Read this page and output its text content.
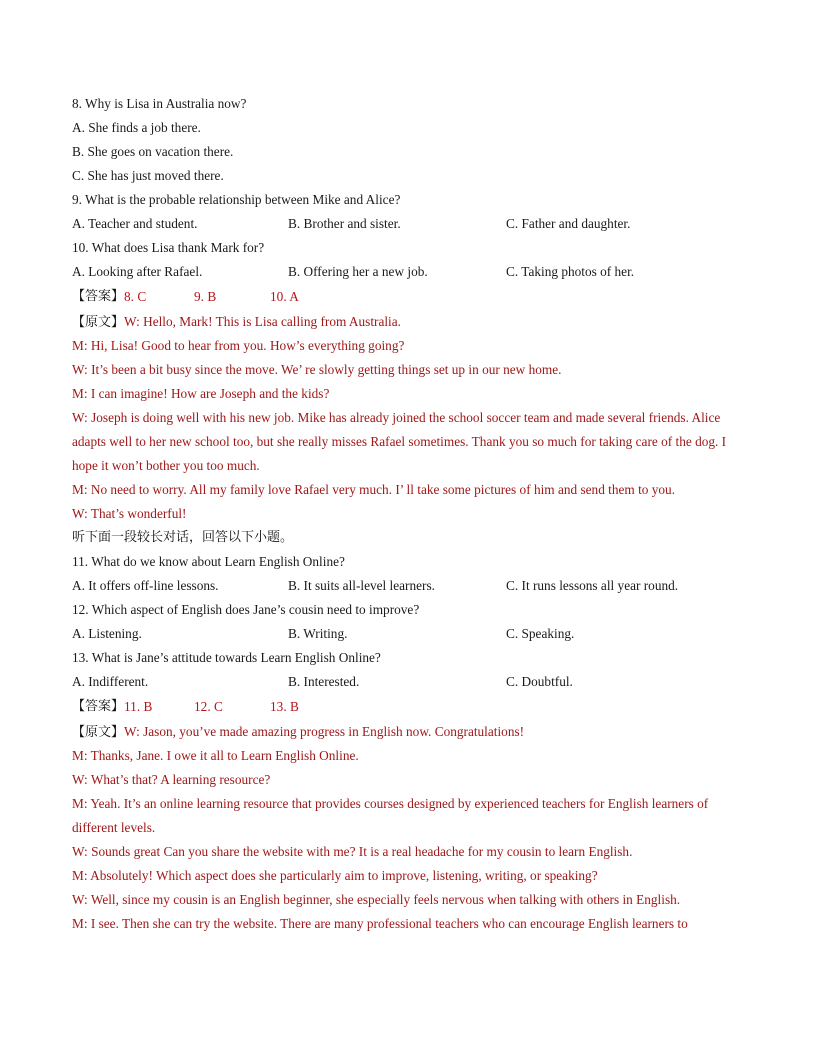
8. Why is Lisa in Australia now?
A. She finds a job there.
B. She goes on vacation there.
C. She has just moved there.
9. What is the probable relationship between Mike and Alice?
A. Teacher and student.	B. Brother and sister.	C. Father and daughter.
10. What does Lisa thank Mark for?
A. Looking after Rafael.	B. Offering her a new job.	C. Taking photos of her.
【答案】 8. C	9. B	10. A
【原文】W: Hello, Mark! This is Lisa calling from Australia.
M: Hi, Lisa! Good to hear from you. How’s everything going?
W: It’s been a bit busy since the move. We’ re slowly getting things set up in our new home.
M: I can imagine! How are Joseph and the kids?
W: Joseph is doing well with his new job. Mike has already joined the school soccer team and made several friends. Alice adapts well to her new school too, but she really misses Rafael sometimes. Thank you so much for taking care of the dog. I hope it won’t bother you too much.
M: No need to worry. All my family love Rafael very much. I’ ll take some pictures of him and send them to you.
W: That’s wonderful!
听下面一段较长对话，回答以下小题。
11. What do we know about Learn English Online?
A. It offers off-line lessons.	B. It suits all-level learners.	C. It runs lessons all year round.
12. Which aspect of English does Jane’s cousin need to improve?
A. Listening.	B. Writing.	C. Speaking.
13. What is Jane’s attitude towards Learn English Online?
A. Indifferent.	B. Interested.	C. Doubtful.
【答案】 11. B	12. C	13. B
【原文】W: Jason, you’ve made amazing progress in English now. Congratulations!
M: Thanks, Jane. I owe it all to Learn English Online.
W: What’s that? A learning resource?
M: Yeah. It’s an online learning resource that provides courses designed by experienced teachers for English learners of different levels.
W: Sounds great Can you share the website with me? It is a real headache for my cousin to learn English.
M: Absolutely! Which aspect does she particularly aim to improve, listening, writing, or speaking?
W: Well, since my cousin is an English beginner, she especially feels nervous when talking with others in English.
M: I see. Then she can try the website. There are many professional teachers who can encourage English learners to
